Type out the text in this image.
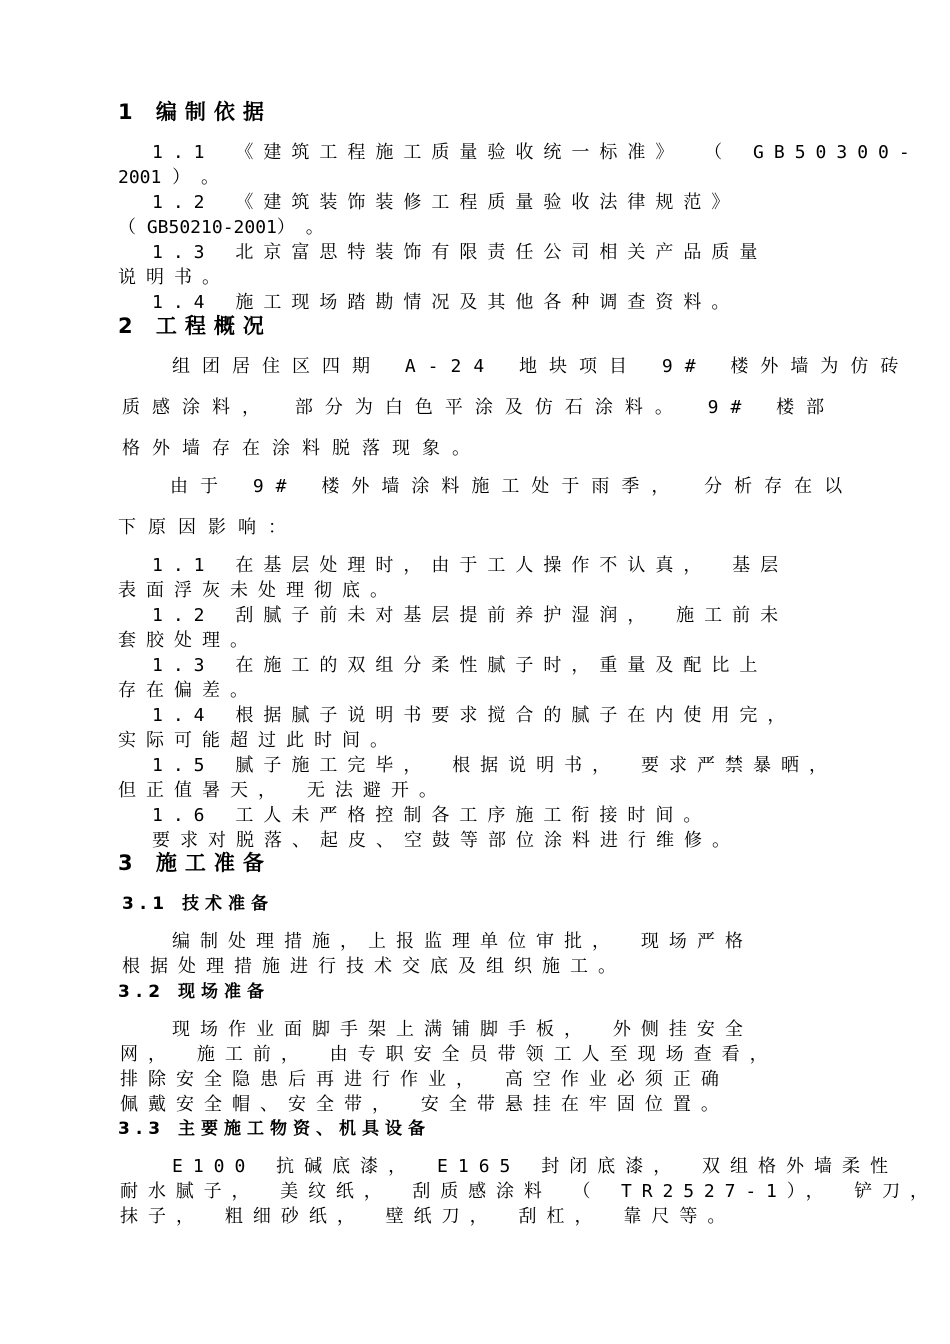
1 编制依据
1.1 《建筑工程施工质量验收统一标准》 （ GB50300-
2001 ） 。
1.2 《建筑装饰装修工程质量验收法律规范》
（ GB50210-2001） 。
1.3 北京富思特装饰有限责任公司相关产品质量
说明书。
1.4 施工现场踏勘情况及其他各种调查资料。
2 工程概况
组团居住区四期 A-24 地块项目 9# 楼外墙为仿砖
质感涂料， 部分为白色平涂及仿石涂料。 9# 楼部
格外墙存在涂料脱落现象。
由于 9# 楼外墙涂料施工处于雨季， 分析存在以
下原因影响：
1.1 在基层处理时，由于工人操作不认真， 基层
表面浮灰未处理彻底。
1.2 刮腻子前未对基层提前养护湿润， 施工前未
套胶处理。
1.3 在施工的双组分柔性腻子时，重量及配比上
存在偏差。
1.4 根据腻子说明书要求搅合的腻子在内使用完，
实际可能超过此时间。
1.5 腻子施工完毕， 根据说明书， 要求严禁暴晒，
但正值暑天， 无法避开。
1.6 工人未严格控制各工序施工衔接时间。
要求对脱落、起皮、空鼓等部位涂料进行维修。
3 施工准备
3.1 技术准备
编制处理措施，上报监理单位审批， 现场严格
根据处理措施进行技术交底及组织施工。
3.2 现场准备
现场作业面脚手架上满铺脚手板， 外侧挂安全
网， 施工前， 由专职安全员带领工人至现场查看，
排除安全隐患后再进行作业， 高空作业必须正确
佩戴安全帽、安全带， 安全带悬挂在牢固位置。
3.3 主要施工物资、机具设备
E100 抗碱底漆， E165 封闭底漆， 双组格外墙柔性
耐水腻子， 美纹纸， 刮质感涂料 （ TR2527-1）， 铲刀，
抹子， 粗细砂纸， 壁纸刀， 刮杠， 靠尺等。
